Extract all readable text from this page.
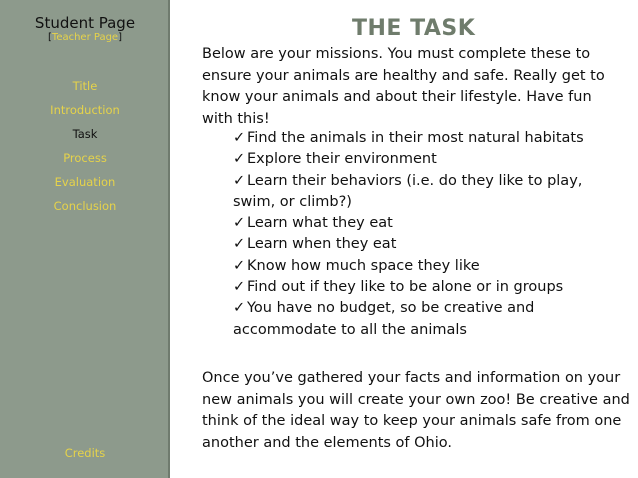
Student Page
[Teacher Page]
Title
Introduction
Task
Process
Evaluation
Conclusion
Credits
THE TASK

Below are your missions. You must complete these to ensure your animals are healthy and safe. Really get to know your animals and about their lifestyle. Have fun with this!

✓ Find the animals in their most natural habitats
✓ Explore their environment
✓ Learn their behaviors (i.e. do they like to play, swim, or climb?)
✓ Learn what they eat
✓ Learn when they eat
✓ Know how much space they like
✓ Find out if they like to be alone or in groups
✓ You have no budget, so be creative and accommodate to all the animals

Once you’ve gathered your facts and information on your new animals you will create your own zoo! Be creative and think of the ideal way to keep your animals safe from one another and the elements of Ohio.
